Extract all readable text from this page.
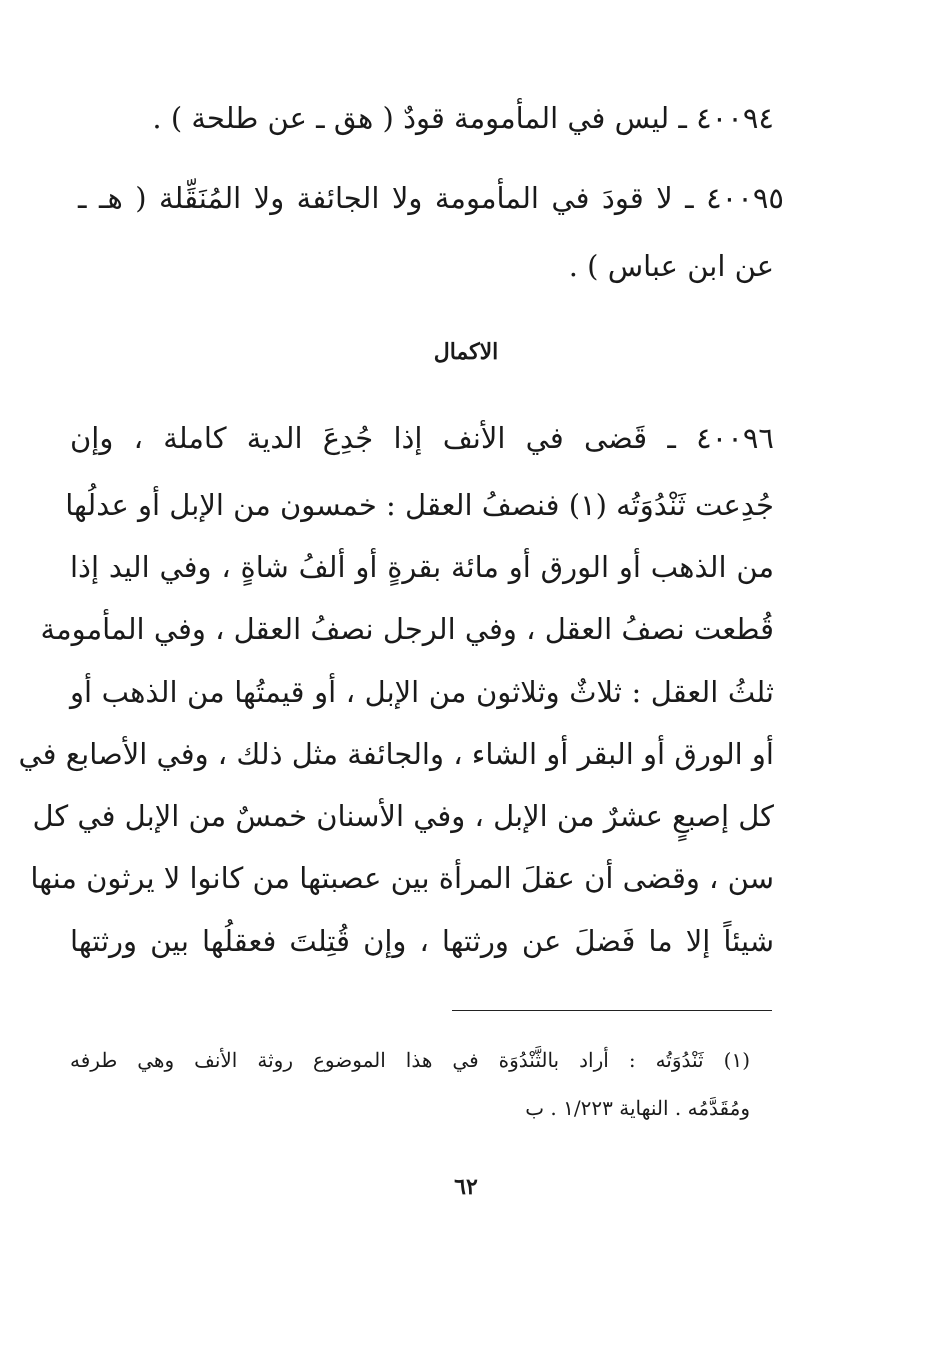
٤٠٠٩٤ ـ ليس في المأمومة قودٌ ( هق ـ عن طلحة ) .
٤٠٠٩٥ ـ لا قودَ في المأمومة ولا الجائفة ولا المُنَقِّلة ( هـ ـ
عن ابن عباس ) .
الاكمال
٤٠٠٩٦ ـ قَضى في الأنف إذا جُدِعَ الدية كاملة ، وإن
جُدِعت ثَنْدُوَتُه (١) فنصفُ العقل : خمسون من الإبل أو عدلُها
من الذهب أو الورق أو مائة بقرةٍ أو ألفُ شاةٍ ، وفي اليد إذا
قُطعت نصفُ العقل ، وفي الرجل نصفُ العقل ، وفي المأمومة
ثلثُ العقل : ثلاثٌ وثلاثون من الإبل ، أو قيمتُها من الذهب أو
أو الورق أو البقر أو الشاء ، والجائفة مثل ذلك ، وفي الأصابع في
كل إصبعٍ عشرٌ من الإبل ، وفي الأسنان خمسٌ من الإبل في كل
سن ، وقضى أن عقلَ المرأة بين عصبتها من كانوا لا يرثون منها
شيئاً إلا ما فَضلَ عن ورثتها ، وإن قُتِلتَ فعقلُها بين ورثتها
(١) ثَنْدُوَتُه : أراد بالثَّنْدُوَة في هذا الموضوع روثة الأنف وهي طرفه
ومُقَدَّمُه . النهاية ١/٢٢٣ . ب
٦٢
